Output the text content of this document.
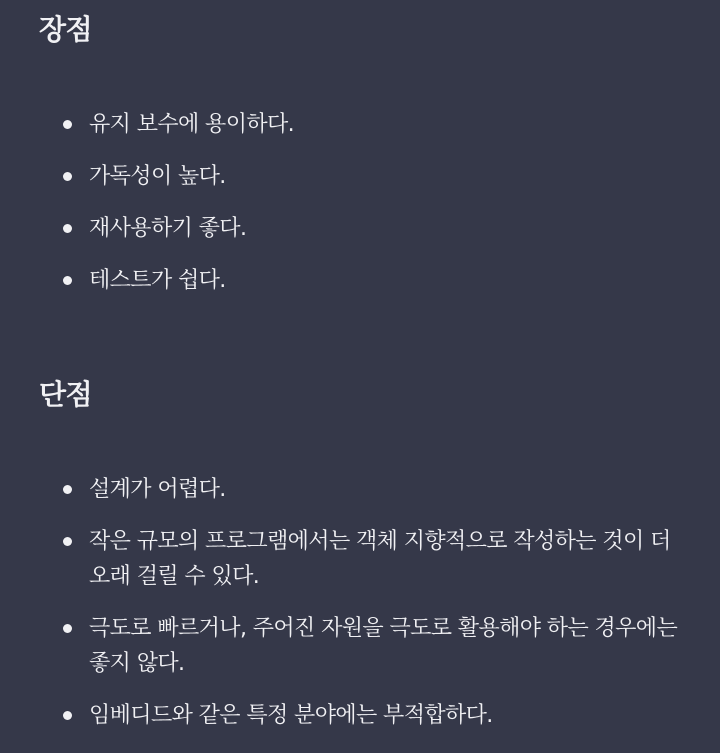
장점
유지 보수에 용이하다.
가독성이 높다.
재사용하기 좋다.
테스트가 쉽다.
단점
설계가 어렵다.
작은 규모의 프로그램에서는 객체 지향적으로 작성하는 것이 더 오래 걸릴 수 있다.
극도로 빠르거나, 주어진 자원을 극도로 활용해야 하는 경우에는 좋지 않다.
임베디드와 같은 특정 분야에는 부적합하다.
